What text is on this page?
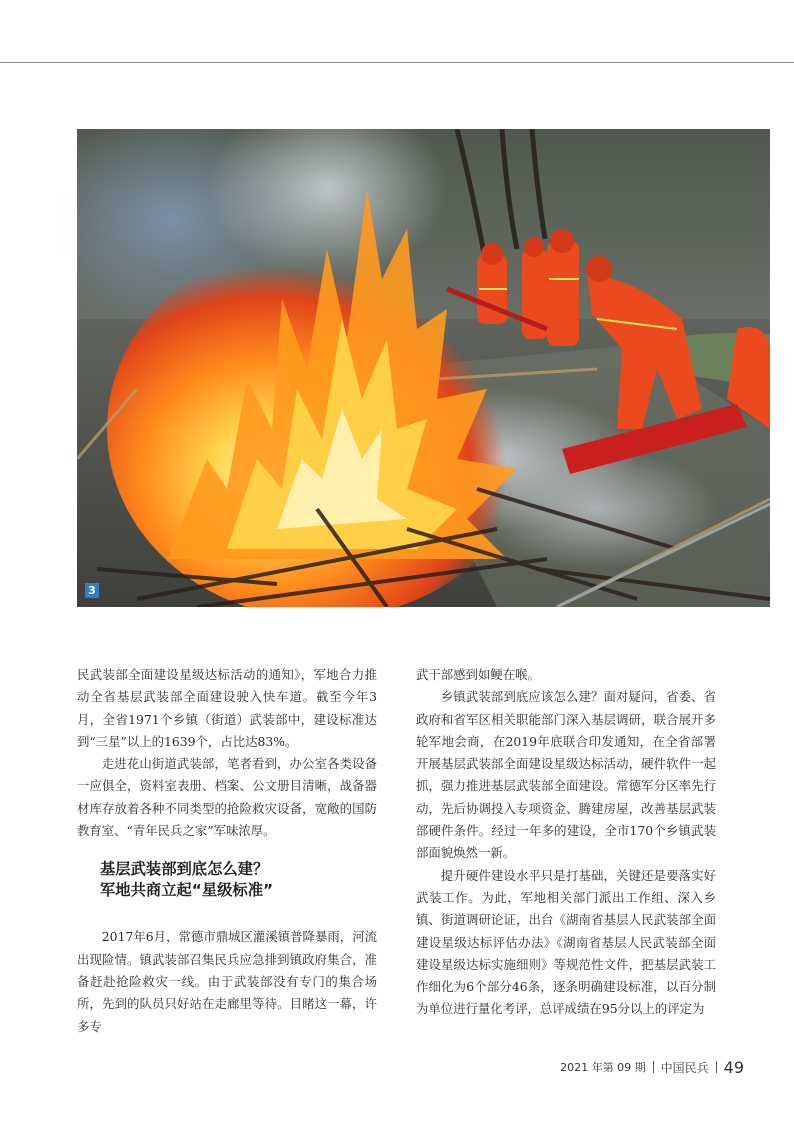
3

民武装部全面建设星级达标活动的通知》，军地合力推动全省基层武装部全面建设驶入快车道。截至今年3月，全省1971个乡镇（街道）武装部中，建设标准达到“三星”以上的1639个，占比达83%。

走进花山街道武装部，笔者看到，办公室各类设备一应俱全，资料室表册、档案、公文册目清晰，战备器材库存放着各种不同类型的抢险救灾设备，宽敞的国防教育室、“青年民兵之家”军味浓厚。

基层武装部到底怎么建？
军地共商立起“星级标准”

2017年6月，常德市鼎城区灌溪镇普降暴雨，河流出现险情。镇武装部召集民兵应急排到镇政府集合，准备赶赴抢险救灾一线。由于武装部没有专门的集合场所，先到的队员只好站在走廊里等待。目睹这一幕，许多专

武干部感到如鲠在喉。

乡镇武装部到底应该怎么建？面对疑问，省委、省政府和省军区相关职能部门深入基层调研，联合展开多轮军地会商，在2019年底联合印发通知，在全省部署开展基层武装部全面建设星级达标活动，硬件软件一起抓，强力推进基层武装部全面建设。常德军分区率先行动，先后协调投入专项资金、腾建房屋，改善基层武装部硬件条件。经过一年多的建设，全市170个乡镇武装部面貌焕然一新。

提升硬件建设水平只是打基础，关键还是要落实好武装工作。为此，军地相关部门派出工作组、深入乡镇、街道调研论证，出台《湖南省基层人民武装部全面建设星级达标评估办法》《湖南省基层人民武装部全面建设星级达标实施细则》等规范性文件，把基层武装工作细化为6个部分46条，逐条明确建设标准，以百分制为单位进行量化考评，总评成绩在95分以上的评定为

2021 年第 09 期 中国民兵 49
